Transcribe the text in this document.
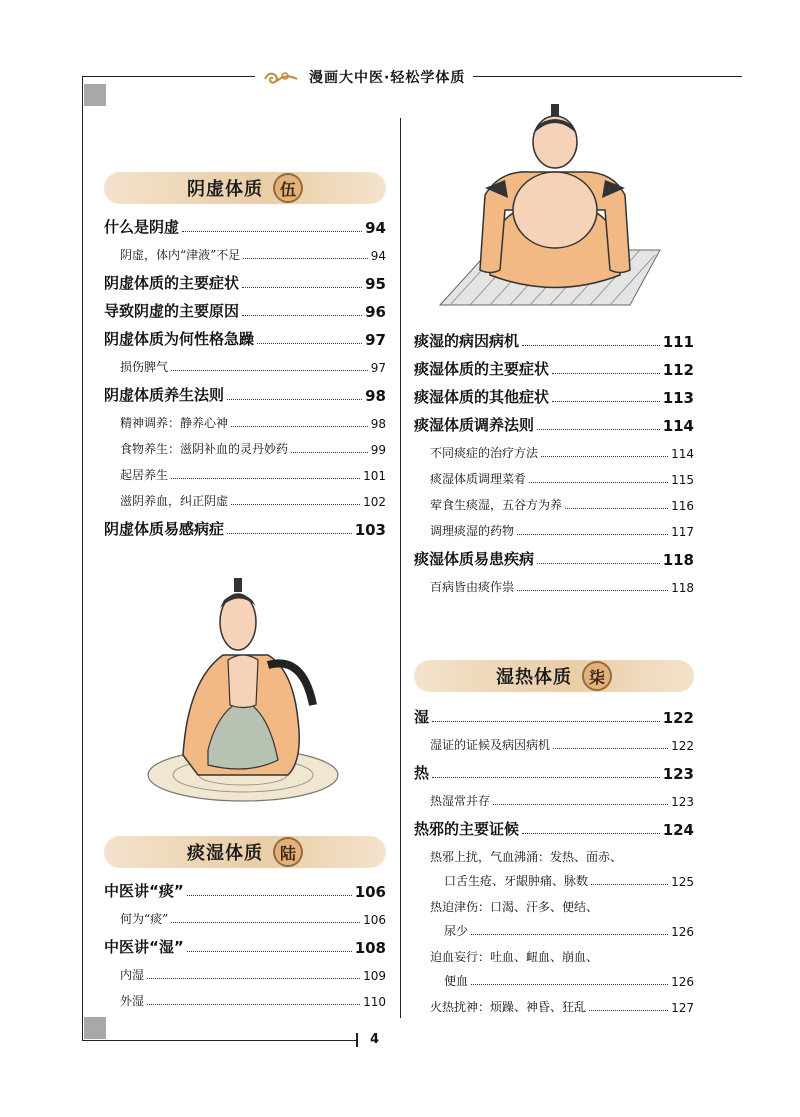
漫画大中医·轻松学体质
阴虚体质	伍
什么是阴虚	94
阴虚，体内“津液”不足	94
阴虚体质的主要症状	95
导致阴虚的主要原因	96
阴虚体质为何性格急躁	97
损伤脾气	97
阴虚体质养生法则	98
精神调养：静养心神	98
食物养生：滋阴补血的灵丹妙药	99
起居养生	101
滋阴养血，纠正阴虚	102
阴虚体质易感病症	103
痰湿体质	陆
中医讲“痰”	106
何为“痰”	106
中医讲“湿”	108
内湿	109
外湿	110
痰湿的病因病机	111
痰湿体质的主要症状	112
痰湿体质的其他症状	113
痰湿体质调养法则	114
不同痰症的治疗方法	114
痰湿体质调理菜肴	115
荤食生痰湿，五谷方为养	116
调理痰湿的药物	117
痰湿体质易患疾病	118
百病皆由痰作祟	118
湿热体质	柒
湿	122
湿证的证候及病因病机	122
热	123
热湿常并存	123
热邪的主要证候	124
热邪上扰，气血沸涌：发热、面赤、
口舌生疮、牙龈肿痛、脉数	125
热迫津伤：口渴、汗多、便结、
尿少	126
迫血妄行：吐血、衄血、崩血、
便血	126
火热扰神：烦躁、神昏、狂乱	127
4
